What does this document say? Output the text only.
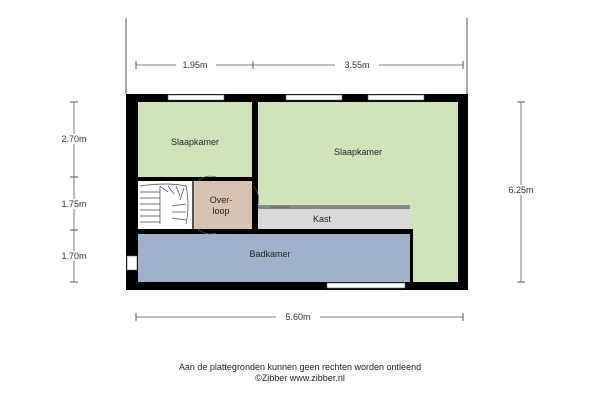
1.95m	3.55m
2.70m
1.75m
1.70m
6.25m
5.60m
Slaapkamer
Slaapkamer
Over-
loop
Kast
Badkamer
Aan de plattegronden kunnen geen rechten worden ontleend
©Zibber www.zibber.nl
